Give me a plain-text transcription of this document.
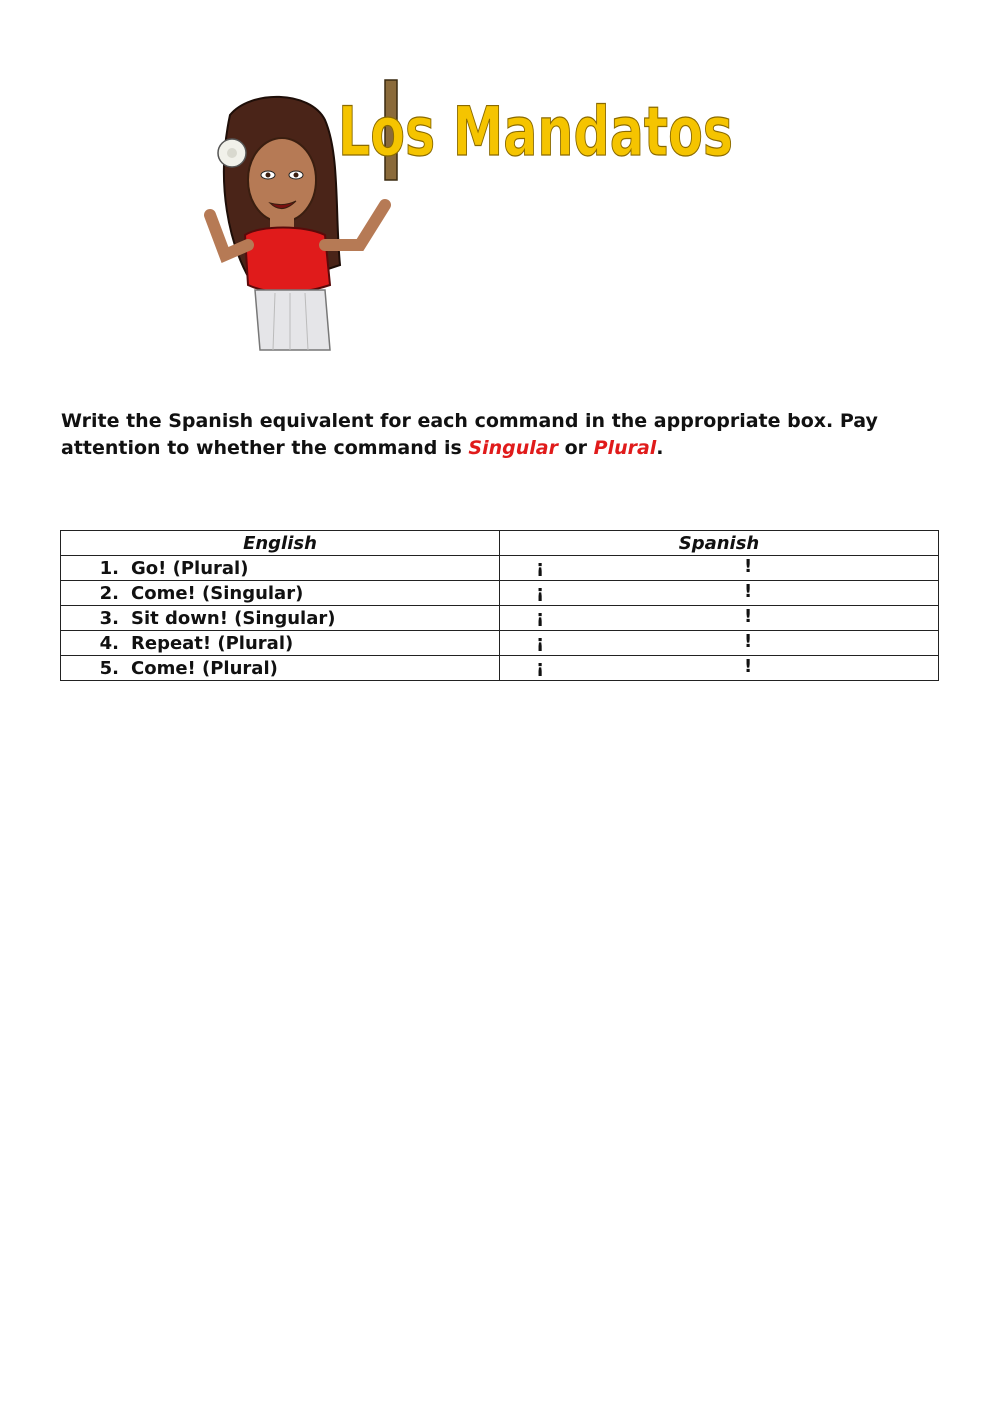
Los Mandatos
Write the Spanish equivalent for each command in the appropriate box. Pay attention to whether the command is Singular or Plural.
English	Spanish
1. Go! (Plural)	¡ !

2. Come! (Singular)	¡ !

3. Sit down! (Singular)	¡ !

4. Repeat! (Plural)	¡ !

5. Come! (Plural)	¡ !
